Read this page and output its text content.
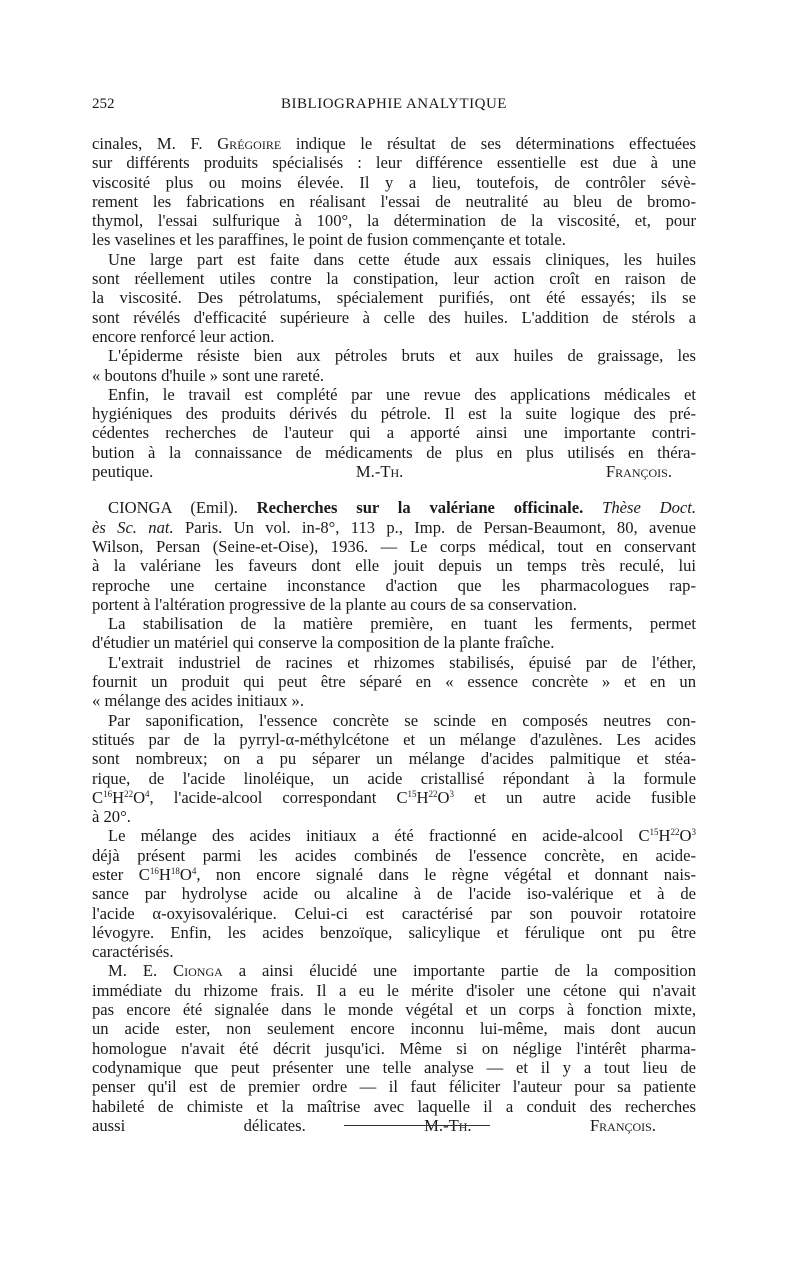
252	BIBLIOGRAPHIE ANALYTIQUE
cinales, M. F. Grégoire indique le résultat de ses déterminations effectuées
sur différents produits spécialisés : leur différence essentielle est due à une
viscosité plus ou moins élevée. Il y a lieu, toutefois, de contrôler sévè-
rement les fabrications en réalisant l'essai de neutralité au bleu de bromo-
thymol, l'essai sulfurique à 100°, la détermination de la viscosité, et, pour
les vaselines et les paraffines, le point de fusion commençante et totale.
Une large part est faite dans cette étude aux essais cliniques, les huiles
sont réellement utiles contre la constipation, leur action croît en raison de
la viscosité. Des pétrolatums, spécialement purifiés, ont été essayés; ils se
sont révélés d'efficacité supérieure à celle des huiles. L'addition de stérols a
encore renforcé leur action.
L'épiderme résiste bien aux pétroles bruts et aux huiles de graissage, les
« boutons d'huile » sont une rareté.
Enfin, le travail est complété par une revue des applications médicales et
hygiéniques des produits dérivés du pétrole. Il est la suite logique des pré-
cédentes recherches de l'auteur qui a apporté ainsi une importante contri-
bution à la connaissance de médicaments de plus en plus utilisés en théra-
peutique.	M.-Th. François.
CIONGA (Emil). Recherches sur la valériane officinale. Thèse Doct.
ès Sc. nat. Paris. Un vol. in-8°, 113 p., Imp. de Persan-Beaumont, 80, avenue
Wilson, Persan (Seine-et-Oise), 1936. — Le corps médical, tout en conservant
à la valériane les faveurs dont elle jouit depuis un temps très reculé, lui
reproche une certaine inconstance d'action que les pharmacologues rap-
portent à l'altération progressive de la plante au cours de sa conservation.
La stabilisation de la matière première, en tuant les ferments, permet
d'étudier un matériel qui conserve la composition de la plante fraîche.
L'extrait industriel de racines et rhizomes stabilisés, épuisé par de l'éther,
fournit un produit qui peut être séparé en « essence concrète » et en un
« mélange des acides initiaux ».
Par saponification, l'essence concrète se scinde en composés neutres con-
stitués par de la pyrryl-α-méthylcétone et un mélange d'azulènes. Les acides
sont nombreux; on a pu séparer un mélange d'acides palmitique et stéa-
rique, de l'acide linoléique, un acide cristallisé répondant à la formule
$C^{16}H^{22}O^4$, l'acide-alcool correspondant $C^{15}H^{22}O^3$ et un autre acide fusible
à 20°.
Le mélange des acides initiaux a été fractionné en acide-alcool $C^{15}H^{22}O^3$
déjà présent parmi les acides combinés de l'essence concrète, en acide-
ester $C^{16}H^{18}O^4$, non encore signalé dans le règne végétal et donnant nais-
sance par hydrolyse acide ou alcaline à de l'acide iso-valérique et à de
l'acide α-oxyisovalérique. Celui-ci est caractérisé par son pouvoir rotatoire
lévogyre. Enfin, les acides benzoïque, salicylique et férulique ont pu être
caractérisés.
M. E. Cionga a ainsi élucidé une importante partie de la composition
immédiate du rhizome frais. Il a eu le mérite d'isoler une cétone qui n'avait
pas encore été signalée dans le monde végétal et un corps à fonction mixte,
un acide ester, non seulement encore inconnu lui-même, mais dont aucun
homologue n'avait été décrit jusqu'ici. Même si on néglige l'intérêt pharma-
codynamique que peut présenter une telle analyse — et il y a tout lieu de
penser qu'il est de premier ordre — il faut féliciter l'auteur pour sa patiente
habileté de chimiste et la maîtrise avec laquelle il a conduit des recherches
aussi délicates.	M.-Th. François.
